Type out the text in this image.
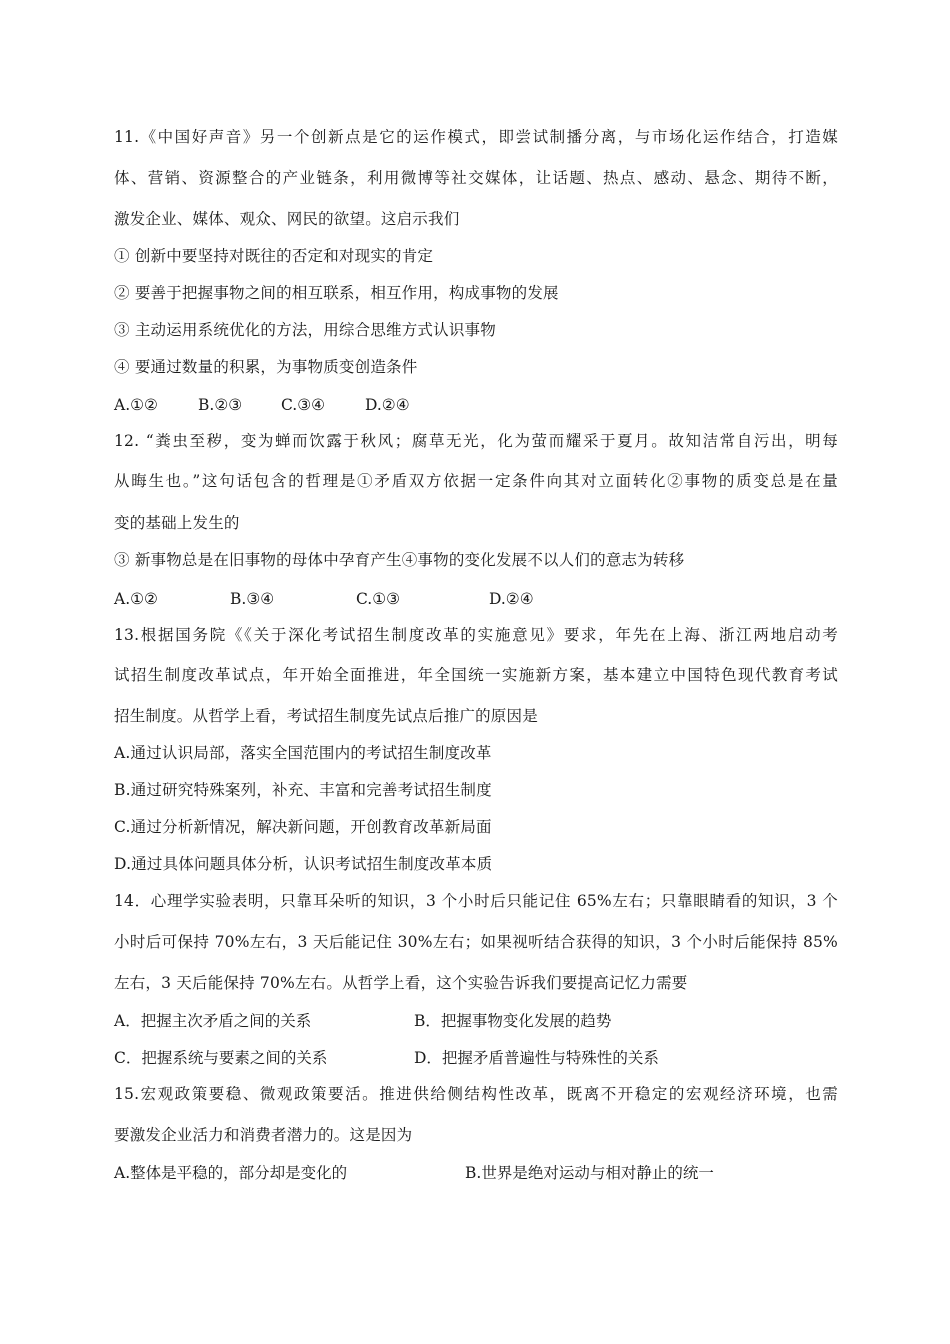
11.《中国好声音》另一个创新点是它的运作模式，即尝试制播分离，与市场化运作结合，打造媒
体、营销、资源整合的产业链条，利用微博等社交媒体，让话题、热点、感动、悬念、期待不断，
激发企业、媒体、观众、网民的欲望。这启示我们
① 创新中要坚持对既往的否定和对现实的肯定
② 要善于把握事物之间的相互联系，相互作用，构成事物的发展
③ 主动运用系统优化的方法，用综合思维方式认识事物
④ 要通过数量的积累，为事物质变创造条件
A.①②	B.②③	C.③④	D.②④
12. “粪虫至秽，变为蝉而饮露于秋风；腐草无光，化为萤而耀采于夏月。故知洁常自污出，明每
从晦生也。”这句话包含的哲理是①矛盾双方依据一定条件向其对立面转化②事物的质变总是在量
变的基础上发生的
③ 新事物总是在旧事物的母体中孕育产生④事物的变化发展不以人们的意志为转移
A.①②	B.③④	C.①③	D.②④
13.根据国务院《《关于深化考试招生制度改革的实施意见》要求，年先在上海、浙江两地启动考
试招生制度改革试点，年开始全面推进，年全国统一实施新方案，基本建立中国特色现代教育考试
招生制度。从哲学上看，考试招生制度先试点后推广的原因是
A.通过认识局部，落实全国范围内的考试招生制度改革
B.通过研究特殊案列，补充、丰富和完善考试招生制度
C.通过分析新情况，解决新问题，开创教育改革新局面
D.通过具体问题具体分析，认识考试招生制度改革本质
14．心理学实验表明，只靠耳朵听的知识，3 个小时后只能记住 65%左右；只靠眼睛看的知识，3 个
小时后可保持 70%左右，3 天后能记住 30%左右；如果视听结合获得的知识，3 个小时后能保持 85%
左右，3 天后能保持 70%左右。从哲学上看，这个实验告诉我们要提高记忆力需要
A．把握主次矛盾之间的关系	B．把握事物变化发展的趋势
C．把握系统与要素之间的关系	D．把握矛盾普遍性与特殊性的关系
15.宏观政策要稳、微观政策要活。推进供给侧结构性改革，既离不开稳定的宏观经济环境，也需
要激发企业活力和消费者潜力的。这是因为
A.整体是平稳的，部分却是变化的	B.世界是绝对运动与相对静止的统一
